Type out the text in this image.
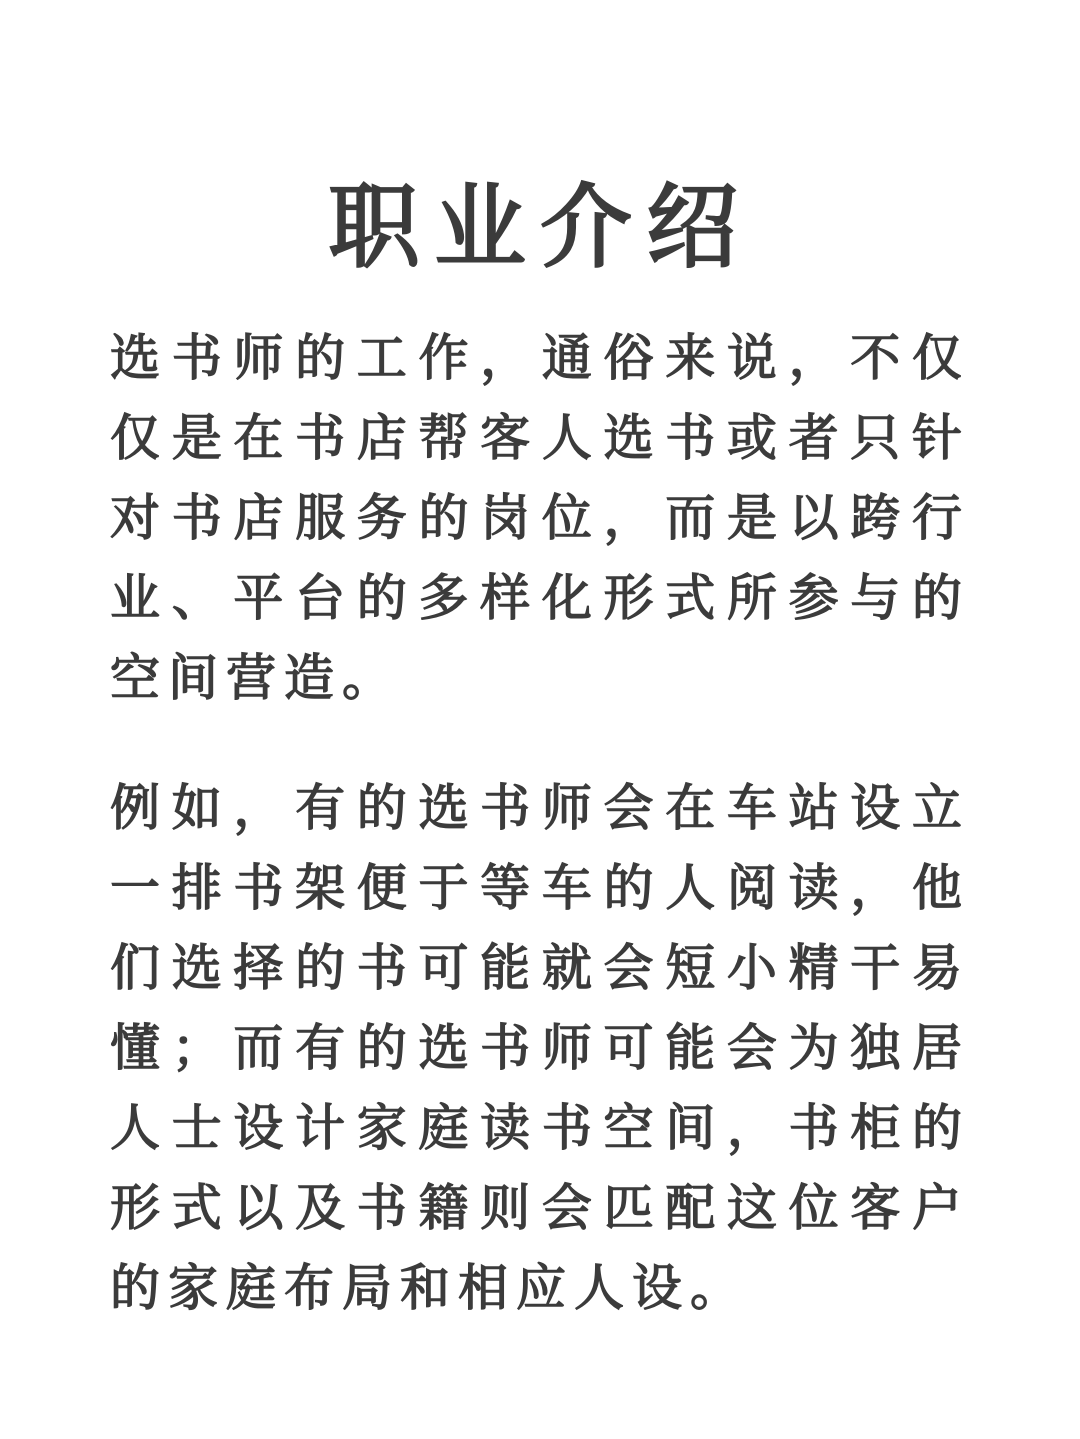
职业介绍

选书师的工作，通俗来说，不仅仅是在书店帮客人选书或者只针对书店服务的岗位，而是以跨行业、平台的多样化形式所参与的空间营造。

例如，有的选书师会在车站设立一排书架便于等车的人阅读，他们选择的书可能就会短小精干易懂；而有的选书师可能会为独居人士设计家庭读书空间，书柜的形式以及书籍则会匹配这位客户的家庭布局和相应人设。
